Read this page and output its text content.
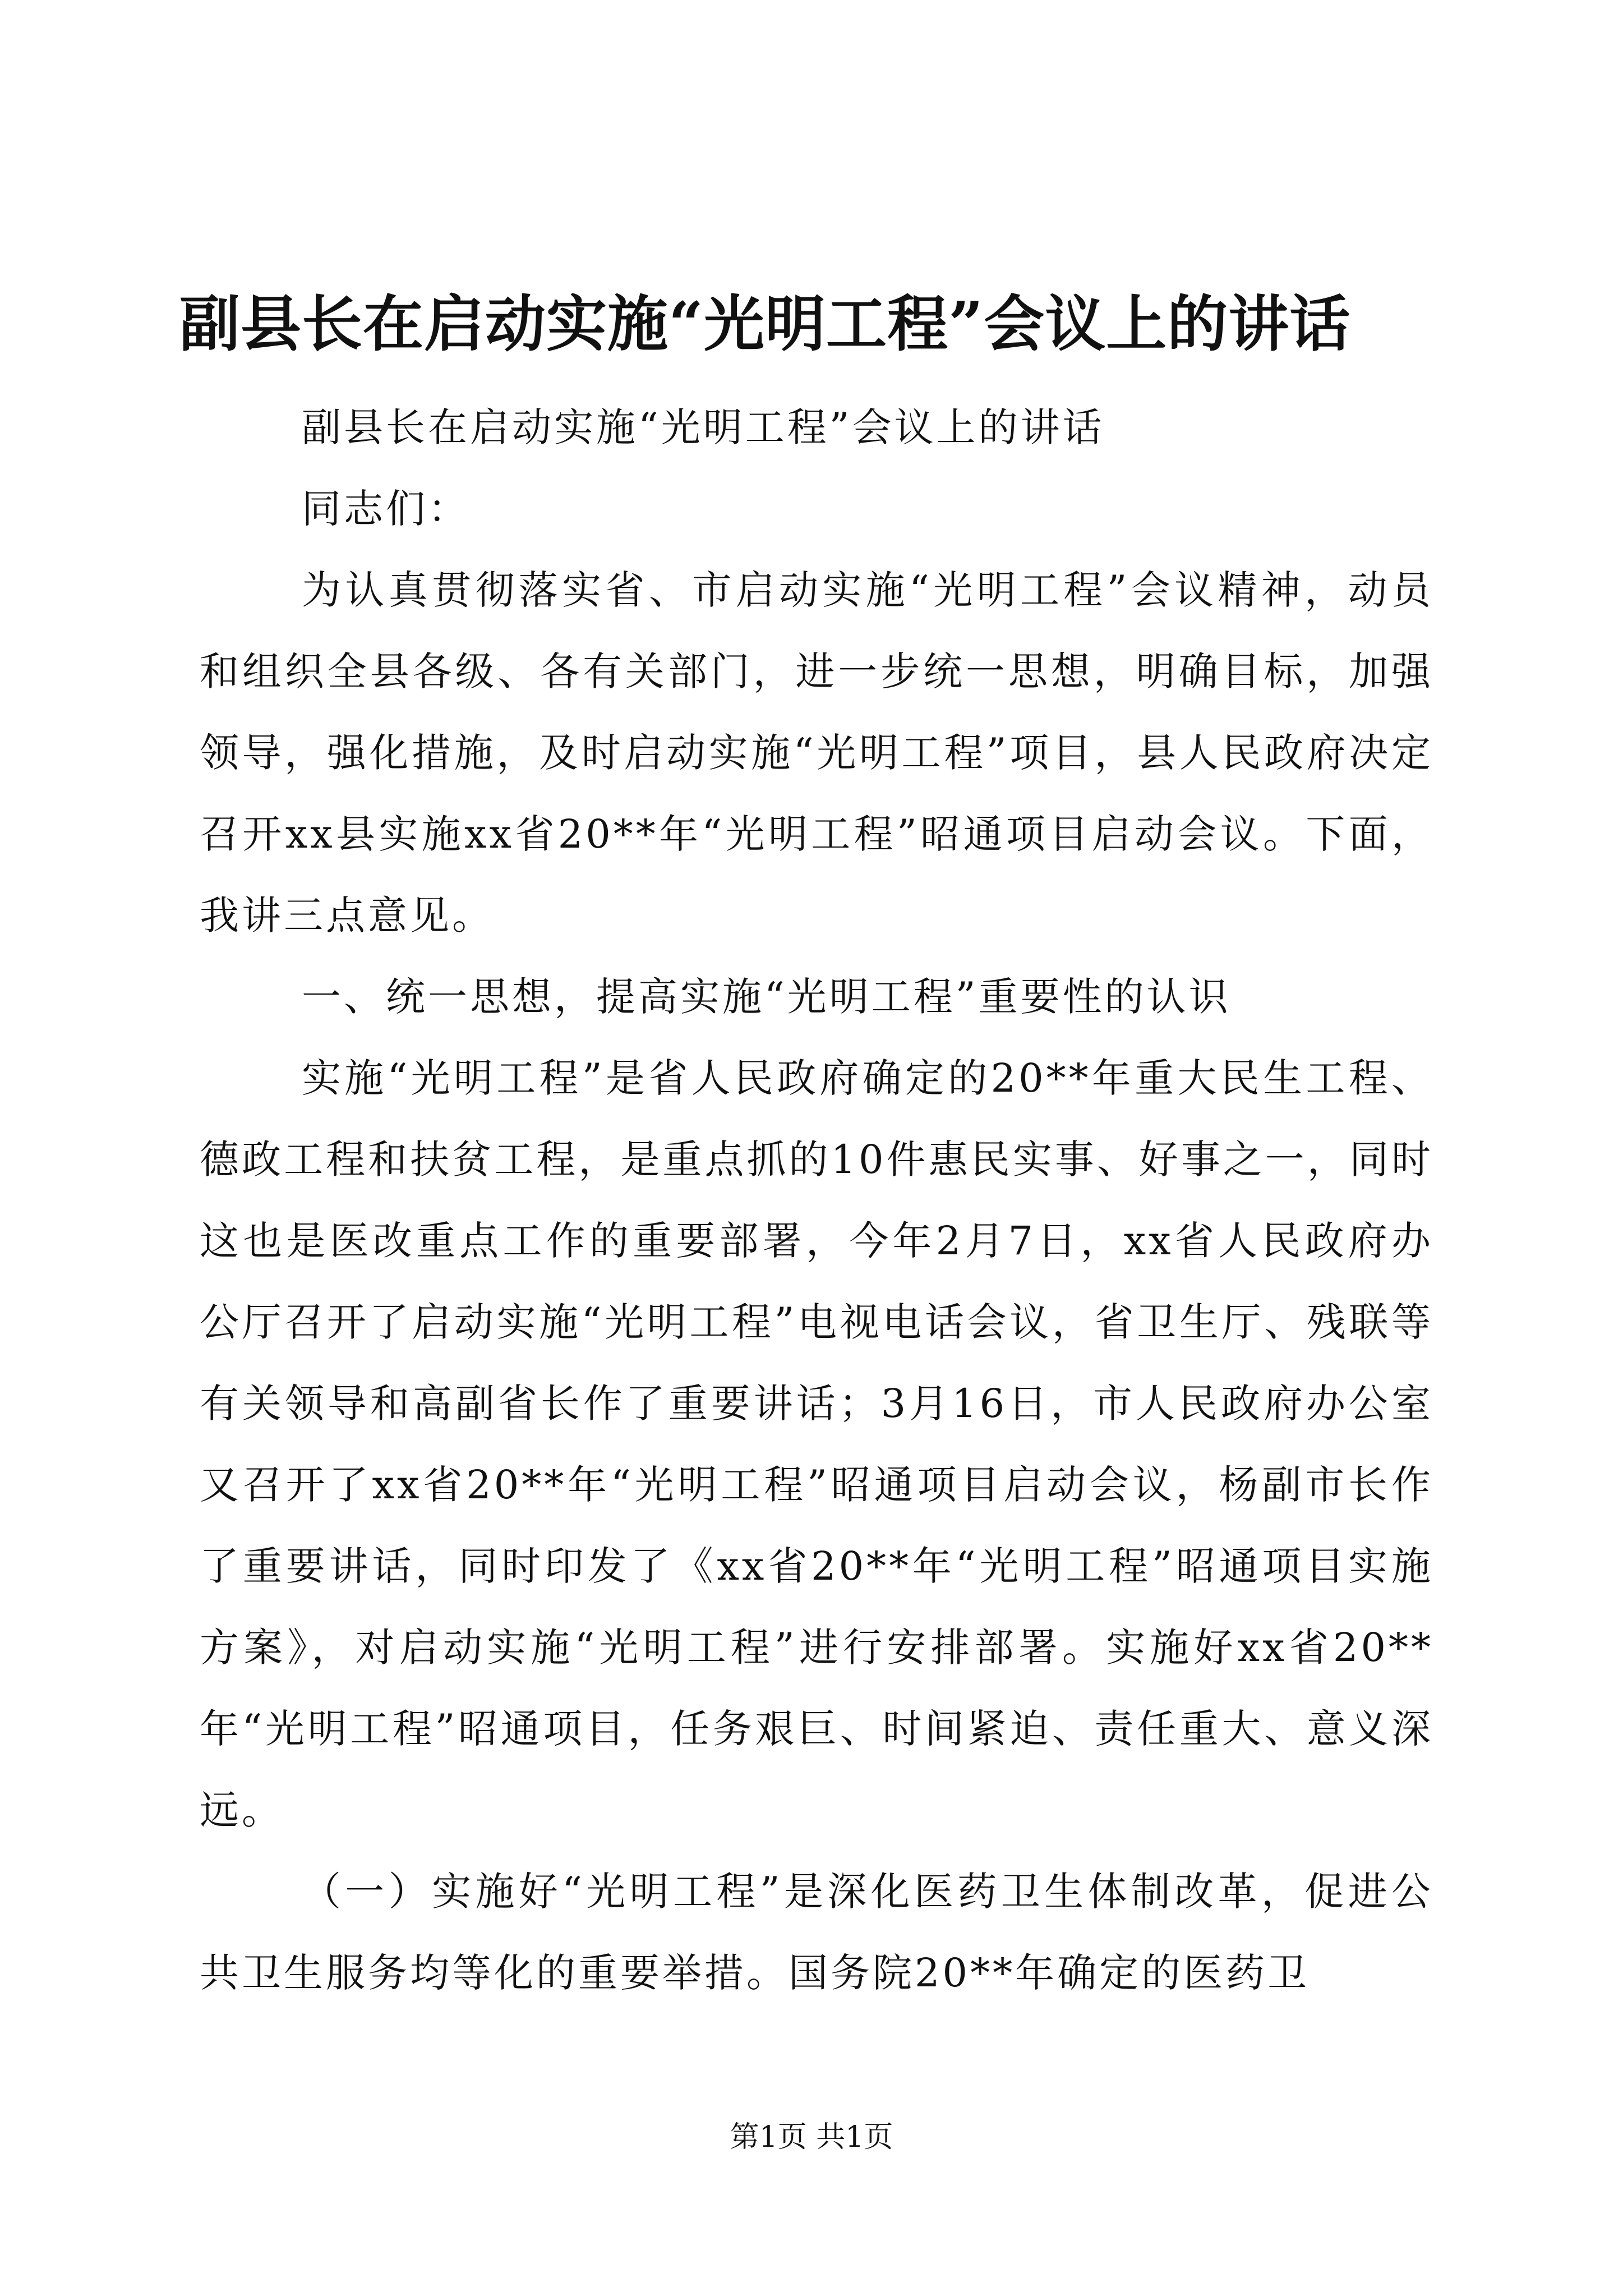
副县长在启动实施“光明工程”会议上的讲话

副县长在启动实施“光明工程”会议上的讲话

同志们：

为认真贯彻落实省、市启动实施“光明工程”会议精神，动员和组织全县各级、各有关部门，进一步统一思想，明确目标，加强领导，强化措施，及时启动实施“光明工程”项目，县人民政府决定召开xx县实施xx省20**年“光明工程”昭通项目启动会议。下面，我讲三点意见。

一、统一思想，提高实施“光明工程”重要性的认识

实施“光明工程”是省人民政府确定的20**年重大民生工程、德政工程和扶贫工程，是重点抓的10件惠民实事、好事之一，同时这也是医改重点工作的重要部署，今年2月7日，xx省人民政府办公厅召开了启动实施“光明工程”电视电话会议，省卫生厅、残联等有关领导和高副省长作了重要讲话；3月16日，市人民政府办公室又召开了xx省20**年“光明工程”昭通项目启动会议，杨副市长作了重要讲话，同时印发了《xx省20**年“光明工程”昭通项目实施方案》，对启动实施“光明工程”进行安排部署。实施好xx省20**年“光明工程”昭通项目，任务艰巨、时间紧迫、责任重大、意义深远。

（一）实施好“光明工程”是深化医药卫生体制改革，促进公共卫生服务均等化的重要举措。国务院20**年确定的医药卫

第1页 共1页
